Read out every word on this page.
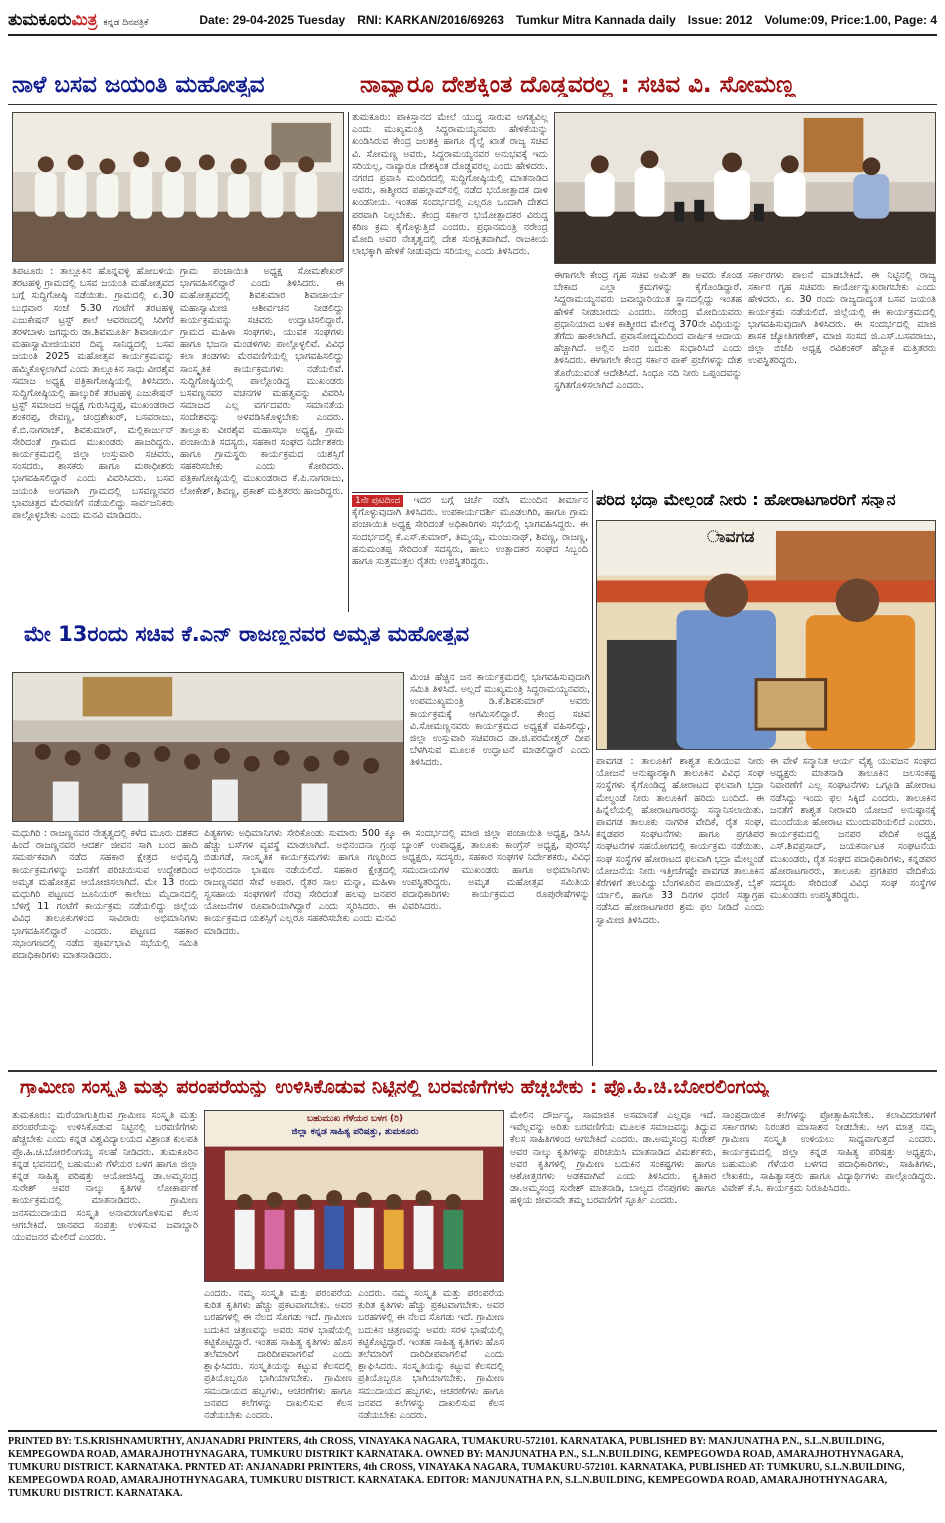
ತುಮಕೂರುಮಿತ್ರ ಕನ್ನಡ ದಿನಪತ್ರಿಕೆ	Date: 29-04-2025 Tuesday RNI: KARKAN/2016/69263 Tumkur Mitra Kannada daily Issue: 2012 Volume:09, Price:1.00, Page: 4
ನಾಳೆ ಬಸವ ಜಯಂತಿ ಮಹೋತ್ಸವ	ನಾವ್ಯಾರೂ ದೇಶಕ್ಕಿಂತ ದೊಡ್ಡವರಲ್ಲ : ಸಚಿವ ವಿ. ಸೋಮಣ್ಣ
ತುಮಕೂರು: ಪಾಕಿಸ್ತಾನದ ಮೇಲೆ ಯುದ್ಧ ಸಾರುವ ಅಗತ್ಯವಿಲ್ಲ ಎಂದು ಮುಖ್ಯಮಂತ್ರಿ ಸಿದ್ದರಾಮಯ್ಯನವರು ಹೇಳಿಕೆಯನ್ನು ಖಂಡಿಸಿರುವ ಕೇಂದ್ರ ಜಲಶಕ್ತಿ ಹಾಗೂ ರೈಲ್ವೆ ಖಾತೆ ರಾಜ್ಯ ಸಚಿವ ವಿ. ಸೋಮಣ್ಣ ಅವರು, ಸಿದ್ದರಾಮಯ್ಯನವರ ಅನುಭವಕ್ಕೆ ಇದು ಸರಿಯಲ್ಲ, ನಾವ್ಯಾರೂ ದೇಶಕ್ಕಿಂತ ದೊಡ್ಡವರಲ್ಲ ಎಂದು ಹೇಳಿದರು. ನಗರದ ಪ್ರವಾಸಿ ಮಂದಿರದಲ್ಲಿ ಸುದ್ದಿಗೋಷ್ಠಿಯಲ್ಲಿ ಮಾತನಾಡಿದ ಅವರು, ಕಾಶ್ಮೀರದ ಪಹಲ್ಗಾಮ್‌ನಲ್ಲಿ ನಡೆದ ಭಯೋತ್ಪಾದಕ ದಾಳಿ ಖಂಡನೀಯ. ಇಂತಹ ಸಂದರ್ಭದಲ್ಲಿ ಎಲ್ಲರೂ ಒಂದಾಗಿ ದೇಶದ ಪರವಾಗಿ ನಿಲ್ಲಬೇಕು. ಕೇಂದ್ರ ಸರ್ಕಾರ ಭಯೋತ್ಪಾದಕರ ವಿರುದ್ಧ ಕಠಿಣ ಕ್ರಮ ಕೈಗೊಳ್ಳುತ್ತಿದೆ ಎಂದರು. ಪ್ರಧಾನಮಂತ್ರಿ ನರೇಂದ್ರ ಮೋದಿ ಅವರ ನೇತೃತ್ವದಲ್ಲಿ ದೇಶ ಸುರಕ್ಷಿತವಾಗಿದೆ. ರಾಜಕೀಯ ಲಾಭಕ್ಕಾಗಿ ಹೇಳಿಕೆ ನೀಡುವುದು ಸರಿಯಲ್ಲ ಎಂದು ತಿಳಿಸಿದರು.
ಈಗಾಗಲೇ ಕೇಂದ್ರ ಗೃಹ ಸಚಿವ ಅಮಿತ್ ಶಾ ಅವರು ಕೊಂಡ ಬೇಕಾದ ಎಲ್ಲಾ ಕ್ರಮಗಳನ್ನು ಕೈಗೊಂಡಿದ್ದಾರೆ. ಸಿದ್ದರಾಮಯ್ಯನವರು ಜವಾಬ್ದಾರಿಯುತ ಸ್ಥಾನದಲ್ಲಿದ್ದು ಇಂತಹ ಹೇಳಿಕೆ ನೀಡಬಾರದು ಎಂದರು. ನರೇಂದ್ರ ಮೋದಿಯವರು ಪ್ರಧಾನಿಯಾದ ಬಳಿಕ ಕಾಶ್ಮೀರದ ಮೇಲಿದ್ದ 370ನೇ ವಿಧಿಯನ್ನು ತೆಗೆದು ಹಾಕಲಾಗಿದೆ. ಪ್ರವಾಸೋದ್ಯಮದಿಂದ ವಾರ್ಷಿಕ ಆದಾಯ ಹೆಚ್ಚಾಗಿದೆ. ಅಲ್ಲಿನ ಜನರ ಬದುಕು ಸುಧಾರಿಸಿದೆ ಎಂದು ತಿಳಿಸಿದರು. ಈಗಾಗಲೇ ಕೇಂದ್ರ ಸರ್ಕಾರ ಪಾಕ್ ಪ್ರಜೆಗಳನ್ನು ದೇಶ ತೊರೆಯುವಂತೆ ಆದೇಶಿಸಿದೆ. ಸಿಂಧೂ ನದಿ ನೀರು ಒಪ್ಪಂದವನ್ನು ಸ್ಥಗಿತಗೊಳಿಸಲಾಗಿದೆ ಎಂದರು.
ಸರ್ಕಾರಗಳು ಪಾಲನೆ ಮಾಡಬೇಕಿದೆ. ಈ ನಿಟ್ಟಿನಲ್ಲಿ ರಾಜ್ಯ ಸರ್ಕಾರ ಗೃಹ ಸಚಿವರು ಕಾರ್ಯೋನ್ಮುಖರಾಗಬೇಕು ಎಂದು ಹೇಳಿದರು. ಏ. 30 ರಂದು ರಾಜ್ಯದಾದ್ಯಂತ ಬಸವ ಜಯಂತಿ ಕಾರ್ಯಕ್ರಮ ನಡೆಯಲಿದೆ. ಜಿಲ್ಲೆಯಲ್ಲಿ ಈ ಕಾರ್ಯಕ್ರಮದಲ್ಲಿ ಭಾಗವಹಿಸುವುದಾಗಿ ತಿಳಿಸಿದರು. ಈ ಸಂದರ್ಭದಲ್ಲಿ ಮಾಜಿ ಶಾಸಕ ಜ್ಯೋತಿಗಣೇಶ್, ಮಾಜಿ ಸಂಸದ ಜಿ.ಎಸ್.ಬಸವರಾಜು, ಜಿಲ್ಲಾ ಬಿಜೆಪಿ ಅಧ್ಯಕ್ಷ ರವಿಶಂಕರ್ ಹೆಬ್ಬಾಕ ಮತ್ತಿತರರು ಉಪಸ್ಥಿತರಿದ್ದರು.
ತಿಪಟೂರು : ತಾಲ್ಲೂಕಿನ ಹೊನ್ನವಳ್ಳಿ ಹೋಬಳಿಯ ತರಟಹಳ್ಳಿ ಗ್ರಾಮದಲ್ಲಿ ಬಸವ ಜಯಂತಿ ಮಹೋತ್ಸವದ ಬಗ್ಗೆ ಸುದ್ದಿಗೋಷ್ಠಿ ನಡೆಯಿತು. ಗ್ರಾಮದಲ್ಲಿ ಏ.30 ಬುಧವಾರ ಸಂಜೆ 5.30 ಗಂಟೆಗೆ ತರಟಹಳ್ಳಿ ಎಜುಕೇಷನ್ ಟ್ರಸ್ಟ್ ಶಾಲೆ ಆವರಣದಲ್ಲಿ ಸಿರಿಗೆರೆ ತರಳಬಾಳು ಜಗದ್ಗುರು ಡಾ.ಶಿವಮೂರ್ತಿ ಶಿವಾಚಾರ್ಯ ಮಹಾಸ್ವಾಮೀಜಿಯವರ ದಿವ್ಯ ಸಾನಿಧ್ಯದಲ್ಲಿ ಬಸವ ಜಯಂತಿ 2025 ಮಹೋತ್ಸವ ಕಾರ್ಯಕ್ರಮವನ್ನು ಹಮ್ಮಿಕೊಳ್ಳಲಾಗಿದೆ ಎಂದು ತಾಲ್ಲೂಕಿನ ಸಾಧು ವೀರಶೈವ ಸಮಾಜ ಅಧ್ಯಕ್ಷ ಪತ್ರಿಕಾಗೋಷ್ಠಿಯಲ್ಲಿ ತಿಳಿಸಿದರು. ಸುದ್ದಿಗೋಷ್ಠಿಯಲ್ಲಿ ಹಾಲ್ಕುರಿಕೆ ತರಟಹಳ್ಳಿ ಎಜುಕೇಷನ್ ಟ್ರಸ್ಟ್ ಸಮಾಜದ ಅಧ್ಯಕ್ಷ ಗುರುಸಿದ್ದಪ್ಪ, ಮುಖಂಡರಾದ ಶಂಕರಪ್ಪ, ರೇವಣ್ಣ, ಚಂದ್ರಶೇಖರ್, ಬಸವರಾಜು, ಕೆ.ಬಿ.ನಾಗರಾಜ್, ಶಿವಕುಮಾರ್, ಮಲ್ಲಿಕಾರ್ಜುನ್ ಸೇರಿದಂತೆ ಗ್ರಾಮದ ಮುಖಂಡರು ಹಾಜರಿದ್ದರು. ಕಾರ್ಯಕ್ರಮದಲ್ಲಿ ಜಿಲ್ಲಾ ಉಸ್ತುವಾರಿ ಸಚಿವರು, ಸಂಸದರು, ಶಾಸಕರು ಹಾಗೂ ಮಠಾಧೀಶರು ಭಾಗವಹಿಸಲಿದ್ದಾರೆ ಎಂದು ವಿವರಿಸಿದರು. ಬಸವ ಜಯಂತಿ ಅಂಗವಾಗಿ ಗ್ರಾಮದಲ್ಲಿ ಬಸವಣ್ಣನವರ ಭಾವಚಿತ್ರದ ಮೆರವಣಿಗೆ ನಡೆಯಲಿದ್ದು ಸಾರ್ವಜನಿಕರು ಪಾಲ್ಗೊಳ್ಳಬೇಕು ಎಂದು ಮನವಿ ಮಾಡಿದರು.
ಗ್ರಾಮ ಪಂಚಾಯಿತಿ ಅಧ್ಯಕ್ಷ ಸೋಮಶೇಖರ್ ಭಾಗವಹಿಸಲಿದ್ದಾರೆ ಎಂದು ತಿಳಿಸಿದರು. ಈ ಮಹೋತ್ಸವದಲ್ಲಿ ಶಿವಕುಮಾರ ಶಿವಾಚಾರ್ಯ ಮಹಾಸ್ವಾಮೀಜಿ ಆಶೀರ್ವಚನ ನೀಡಲಿದ್ದು ಕಾರ್ಯಕ್ರಮವನ್ನು ಸಚಿವರು ಉದ್ಘಾಟಿಸಲಿದ್ದಾರೆ. ಗ್ರಾಮದ ಮಹಿಳಾ ಸಂಘಗಳು, ಯುವಕ ಸಂಘಗಳು ಹಾಗೂ ಭಜನಾ ಮಂಡಳಿಗಳು ಪಾಲ್ಗೊಳ್ಳಲಿವೆ. ವಿವಿಧ ಕಲಾ ತಂಡಗಳು ಮೆರವಣಿಗೆಯಲ್ಲಿ ಭಾಗವಹಿಸಲಿದ್ದು ಸಾಂಸ್ಕೃತಿಕ ಕಾರ್ಯಕ್ರಮಗಳು ನಡೆಯಲಿವೆ. ಸುದ್ದಿಗೋಷ್ಠಿಯಲ್ಲಿ ಪಾಲ್ಗೊಂಡಿದ್ದ ಮುಖಂಡರು ಬಸವಣ್ಣನವರ ವಚನಗಳ ಮಹತ್ವವನ್ನು ವಿವರಿಸಿ ಸಮಾಜದ ಎಲ್ಲ ವರ್ಗದವರು ಸಮಾನತೆಯ ಸಂದೇಶವನ್ನು ಅಳವಡಿಸಿಕೊಳ್ಳಬೇಕು ಎಂದರು. ತಾಲ್ಲೂಕು ವೀರಶೈವ ಮಹಾಸಭಾ ಅಧ್ಯಕ್ಷ, ಗ್ರಾಮ ಪಂಚಾಯಿತಿ ಸದಸ್ಯರು, ಸಹಕಾರ ಸಂಘದ ನಿರ್ದೇಶಕರು ಹಾಗೂ ಗ್ರಾಮಸ್ಥರು ಕಾರ್ಯಕ್ರಮದ ಯಶಸ್ಸಿಗೆ ಸಹಕರಿಸಬೇಕು ಎಂದು ಕೋರಿದರು. ಪತ್ರಿಕಾಗೋಷ್ಠಿಯಲ್ಲಿ ಮುಖಂಡರಾದ ಕೆ.ಪಿ.ನಾಗರಾಜು, ಲೋಕೇಶ್, ಶಿವಣ್ಣ, ಪ್ರಕಾಶ್ ಮತ್ತಿತರರು ಹಾಜರಿದ್ದರು.
1ನೇ ಪುಟದಿಂದ ಇದರ ಬಗ್ಗೆ ಚರ್ಚೆ ನಡೆಸಿ ಮುಂದಿನ ತೀರ್ಮಾನ ಕೈಗೊಳ್ಳುವುದಾಗಿ ತಿಳಿಸಿದರು. ಉಪಕಾರ್ಯದರ್ಶಿ ಮೂಡಲಗಿರಿ, ಹಾಗೂ ಗ್ರಾಮ ಪಂಚಾಯಿತಿ ಅಧ್ಯಕ್ಷ ಸೇರಿದಂತೆ ಅಧಿಕಾರಿಗಳು ಸಭೆಯಲ್ಲಿ ಭಾಗವಹಿಸಿದ್ದರು. ಈ ಸಂದರ್ಭದಲ್ಲಿ ಕೆ.ಎಸ್.ಕುಮಾರ್, ತಿಮ್ಮಯ್ಯ, ಮಂಜುನಾಥ್, ಶಿವಣ್ಣ, ರಾಜಣ್ಣ, ಹನುಮಂತಪ್ಪ ಸೇರಿದಂತೆ ಸದಸ್ಯರು, ಹಾಲು ಉತ್ಪಾದಕರ ಸಂಘದ ಸಿಬ್ಬಂದಿ ಹಾಗೂ ಸುತ್ತಮುತ್ತಲ ರೈತರು ಉಪಸ್ಥಿತರಿದ್ದರು.
ಪರಿದ ಭದ್ರಾ ಮೇಲ್ದಂಡೆ ನೀರು : ಹೋರಾಟಗಾರರಿಗೆ ಸನ್ಮಾನ
ಾವಗಡ
ಮೇ 13ರಂದು ಸಚಿವ ಕೆ.ಎನ್ ರಾಜಣ್ಣನವರ ಅಮೃತ ಮಹೋತ್ಸವ
ಮಿಂಚಿ ಹೆಚ್ಚಿನ ಜನ ಕಾರ್ಯಕ್ರಮದಲ್ಲಿ ಭಾಗವಹಿಸುವುದಾಗಿ ಸಮಿತಿ ತಿಳಿಸಿದೆ. ಅಲ್ಲದೆ ಮುಖ್ಯಮಂತ್ರಿ ಸಿದ್ದರಾಮಯ್ಯನವರು, ಉಪಮುಖ್ಯಮಂತ್ರಿ ಡಿ.ಕೆ.ಶಿವಕುಮಾರ್ ಅವರು ಕಾರ್ಯಕ್ರಮಕ್ಕೆ ಆಗಮಿಸಲಿದ್ದಾರೆ. ಕೇಂದ್ರ ಸಚಿವ ವಿ.ಸೋಮಣ್ಣನವರು ಕಾರ್ಯಕ್ರಮದ ಅಧ್ಯಕ್ಷತೆ ವಹಿಸಲಿದ್ದು, ಜಿಲ್ಲಾ ಉಸ್ತುವಾರಿ ಸಚಿವರಾದ ಡಾ.ಜಿ.ಪರಮೇಶ್ವರ್ ದೀಪ ಬೆಳಗಿಸುವ ಮೂಲಕ ಉದ್ಘಾಟನೆ ಮಾಡಲಿದ್ದಾರೆ ಎಂದು ತಿಳಿಸಿದರು.
ಮಧುಗಿರಿ : ರಾಜಣ್ಣನವರ ನೇತೃತ್ವದಲ್ಲಿ ಕಳೆದ ಮೂರು ದಶಕದ ಹಿಂದೆ ರಾಜಣ್ಣನವರ ಆದರ್ಶ ಜೀವನ ಸಾಗಿ ಬಂದ ಹಾದಿ ಸಮರ್ಪಕವಾಗಿ ನಡೆದ ಸಹಕಾರ ಕ್ಷೇತ್ರದ ಅಭಿವೃದ್ಧಿ ಕಾರ್ಯಕ್ರಮಗಳನ್ನು ಜನತೆಗೆ ಪರಿಚಯಿಸುವ ಉದ್ದೇಶದಿಂದ ಅಮೃತ ಮಹೋತ್ಸವ ಆಯೋಜಿಸಲಾಗಿದೆ. ಮೇ 13 ರಂದು ಮಧುಗಿರಿ ಪಟ್ಟಣದ ಜೂನಿಯರ್ ಕಾಲೇಜು ಮೈದಾನದಲ್ಲಿ ಬೆಳಿಗ್ಗೆ 11 ಗಂಟೆಗೆ ಕಾರ್ಯಕ್ರಮ ನಡೆಯಲಿದ್ದು ಜಿಲ್ಲೆಯ ವಿವಿಧ ತಾಲೂಕುಗಳಿಂದ ಸಾವಿರಾರು ಅಭಿಮಾನಿಗಳು ಭಾಗವಹಿಸಲಿದ್ದಾರೆ ಎಂದರು. ಪಟ್ಟಣದ ಸಹಕಾರ ಸಭಾಂಗಣದಲ್ಲಿ ನಡೆದ ಪೂರ್ವಭಾವಿ ಸಭೆಯಲ್ಲಿ ಸಮಿತಿ ಪದಾಧಿಕಾರಿಗಳು ಮಾತನಾಡಿದರು.
ಪಿತ್ಯಕಗಳು ಅಧಿಮಾನಿಗಳು ಸೇರಿಕೊಂಡು ಸುಮಾರು 500 ಕ್ಕೂ ಹೆಚ್ಚು ಬಸ್‌ಗಳ ವ್ಯವಸ್ಥೆ ಮಾಡಲಾಗಿದೆ. ಅಭಿನಂದನಾ ಗ್ರಂಥ ಬಿಡುಗಡೆ, ಸಾಂಸ್ಕೃತಿಕ ಕಾರ್ಯಕ್ರಮಗಳು ಹಾಗೂ ಗಣ್ಯರಿಂದ ಅಭಿನಂದನಾ ಭಾಷಣ ನಡೆಯಲಿದೆ. ಸಹಕಾರ ಕ್ಷೇತ್ರದಲ್ಲಿ ರಾಜಣ್ಣನವರ ಸೇವೆ ಅಪಾರ. ರೈತರ ಸಾಲ ಮನ್ನಾ, ಮಹಿಳಾ ಸ್ವಸಹಾಯ ಸಂಘಗಳಿಗೆ ನೆರವು ಸೇರಿದಂತೆ ಹಲವು ಜನಪರ ಯೋಜನೆಗಳ ರೂವಾರಿಯಾಗಿದ್ದಾರೆ ಎಂದು ಸ್ಮರಿಸಿದರು. ಈ ಕಾರ್ಯಕ್ರಮದ ಯಶಸ್ಸಿಗೆ ಎಲ್ಲರೂ ಸಹಕರಿಸಬೇಕು ಎಂದು ಮನವಿ ಮಾಡಿದರು.
ಈ ಸಂದರ್ಭದಲ್ಲಿ ಮಾಜಿ ಜಿಲ್ಲಾ ಪಂಚಾಯಿತಿ ಅಧ್ಯಕ್ಷ, ಡಿಸಿಸಿ ಬ್ಯಾಂಕ್ ಉಪಾಧ್ಯಕ್ಷ, ತಾಲೂಕು ಕಾಂಗ್ರೆಸ್ ಅಧ್ಯಕ್ಷ, ಪುರಸಭೆ ಅಧ್ಯಕ್ಷರು, ಸದಸ್ಯರು, ಸಹಕಾರ ಸಂಘಗಳ ನಿರ್ದೇಶಕರು, ವಿವಿಧ ಸಮುದಾಯಗಳ ಮುಖಂಡರು ಹಾಗೂ ಅಭಿಮಾನಿಗಳು ಉಪಸ್ಥಿತರಿದ್ದರು. ಅಮೃತ ಮಹೋತ್ಸವ ಸಮಿತಿಯ ಪದಾಧಿಕಾರಿಗಳು ಕಾರ್ಯಕ್ರಮದ ರೂಪುರೇಷೆಗಳನ್ನು ವಿವರಿಸಿದರು.
ಪಾವಗಡ : ತಾಲೂಕಿಗೆ ಶಾಶ್ವತ ಕುಡಿಯುವ ನೀರು ಯೋಜನೆ ಅನುಷ್ಠಾನಕ್ಕಾಗಿ ತಾಲೂಕಿನ ವಿವಿಧ ಸಂಘ ಸಂಸ್ಥೆಗಳು ಕೈಗೊಂಡಿದ್ದ ಹೋರಾಟದ ಫಲವಾಗಿ ಭದ್ರಾ ಮೇಲ್ದಂಡೆ ನೀರು ತಾಲೂಕಿಗೆ ಹರಿದು ಬಂದಿದೆ. ಈ ಹಿನ್ನೆಲೆಯಲ್ಲಿ ಹೋರಾಟಗಾರರನ್ನು ಸನ್ಮಾನಿಸಲಾಯಿತು. ಪಾವಗಡ ತಾಲೂಕು ನಾಗರಿಕ ವೇದಿಕೆ, ರೈತ ಸಂಘ, ಕನ್ನಡಪರ ಸಂಘಟನೆಗಳು ಹಾಗೂ ಪ್ರಗತಿಪರ ಸಂಘಟನೆಗಳ ಸಹಯೋಗದಲ್ಲಿ ಕಾರ್ಯಕ್ರಮ ನಡೆಯಿತು. ಸಂಘ ಸಂಸ್ಥೆಗಳ ಹೋರಾಟದ ಫಲವಾಗಿ ಭದ್ರಾ ಮೇಲ್ದಂಡೆ ಯೋಜನೆಯ ನೀರು ಇತ್ತೀಚೆಗಷ್ಟೇ ಪಾವಗಡ ತಾಲೂಕಿನ ಕೆರೆಗಳಿಗೆ ತಲುಪಿದ್ದು ಬೆಂಗಳೂರಿನ ಪಾದಯಾತ್ರೆ, ಬೈಕ್ ರ್ಯಾಲಿ, ಹಾಗೂ 33 ದಿನಗಳ ಧರಣಿ ಸತ್ಯಾಗ್ರಹ ನಡೆಸಿದ ಹೋರಾಟಗಾರರ ಶ್ರಮ ಫಲ ನೀಡಿದೆ ಎಂದು ಸ್ವಾಮೀಜಿ ತಿಳಿಸಿದರು.
ಈ ವೇಳೆ ಸನ್ಮಾನಿತ ಆರ್ಯ ವೈಶ್ಯ ಯುವಜನ ಸಂಘದ ಅಧ್ಯಕ್ಷರು ಮಾತನಾಡಿ ತಾಲೂಕಿನ ಜಲಸಂಕಷ್ಟ ನಿವಾರಣೆಗೆ ಎಲ್ಲ ಸಂಘಟನೆಗಳು ಒಗ್ಗೂಡಿ ಹೋರಾಟ ನಡೆಸಿದ್ದು ಇಂದು ಫಲ ಸಿಕ್ಕಿದೆ ಎಂದರು. ತಾಲೂಕಿನ ಜನತೆಗೆ ಶಾಶ್ವತ ನೀರಾವರಿ ಯೋಜನೆ ಅನುಷ್ಠಾನಕ್ಕೆ ಮುಂದೆಯೂ ಹೋರಾಟ ಮುಂದುವರಿಯಲಿದೆ ಎಂದರು. ಕಾರ್ಯಕ್ರಮದಲ್ಲಿ ಜನಪರ ವೇದಿಕೆ ಅಧ್ಯಕ್ಷ ಎಸ್.ಶಿವಪ್ರಸಾದ್, ಜಯಕರ್ನಾಟಕ ಸಂಘಟನೆಯ ಮುಖಂಡರು, ರೈತ ಸಂಘದ ಪದಾಧಿಕಾರಿಗಳು, ಕನ್ನಡಪರ ಹೋರಾಟಗಾರರು, ತಾಲೂಕು ಪ್ರಗತಿಪರ ವೇದಿಕೆಯ ಸದಸ್ಯರು ಸೇರಿದಂತೆ ವಿವಿಧ ಸಂಘ ಸಂಸ್ಥೆಗಳ ಮುಖಂಡರು ಉಪಸ್ಥಿತರಿದ್ದರು.
ಗ್ರಾಮೀಣ ಸಂಸ್ಕೃತಿ ಮತ್ತು ಪರಂಪರೆಯನ್ನು ಉಳಿಸಿಕೊಡುವ ನಿಟ್ಟಿನಲ್ಲಿ ಬರವಣಿಗೆಗಳು ಹೆಚ್ಚಬೇಕು : ಪ್ರೊ.ಹಿ.ಚಿ.ಬೋರಲಿಂಗಯ್ಯ
ತುಮಕೂರು: ಮರೆಯಾಗುತ್ತಿರುವ ಗ್ರಾಮೀಣ ಸಂಸ್ಕೃತಿ ಮತ್ತು ಪರಂಪರೆಯನ್ನು ಉಳಿಸಿಕೊಡುವ ನಿಟ್ಟಿನಲ್ಲಿ ಬರವಣಿಗೆಗಳು ಹೆಚ್ಚಬೇಕು ಎಂದು ಕನ್ನಡ ವಿಶ್ವವಿದ್ಯಾಲಯದ ವಿಶ್ರಾಂತ ಕುಲಪತಿ ಪ್ರೊ.ಹಿ.ಚಿ.ಬೋರಲಿಂಗಯ್ಯ ಸಲಹೆ ನೀಡಿದರು. ತುಮಕೂರಿನ ಕನ್ನಡ ಭವನದಲ್ಲಿ ಬಹುಮುಖಿ ಗೆಳೆಯರ ಬಳಗ ಹಾಗೂ ಜಿಲ್ಲಾ ಕನ್ನಡ ಸಾಹಿತ್ಯ ಪರಿಷತ್ತು ಆಯೋಜಿಸಿದ್ದ ಡಾ.ಅಮ್ಮಸಂದ್ರ ಸುರೇಶ್ ಅವರ ನಾಲ್ಕು ಕೃತಿಗಳ ಲೋಕಾರ್ಪಣೆ ಕಾರ್ಯಕ್ರಮದಲ್ಲಿ ಮಾತನಾಡಿದರು. ಗ್ರಾಮೀಣ ಜನಸಮುದಾಯದ ಸಂಸ್ಕೃತಿ ಅನಾವರಣಗೊಳಿಸುವ ಕೆಲಸ ಆಗಬೇಕಿದೆ. ಜಾನಪದ ಸಂಪತ್ತು ಉಳಿಸುವ ಜವಾಬ್ದಾರಿ ಯುವಜನರ ಮೇಲಿದೆ ಎಂದರು.
ಬಹುಮುಖ ಗೆಳೆಯರ ಬಳಗ (ರಿ)
ಜಿಲ್ಲಾ ಕನ್ನಡ ಸಾಹಿತ್ಯ ಪರಿಷತ್ತು, ತುಮಕೂರು
ಎಂದರು. ನಮ್ಮ ಸಂಸ್ಕೃತಿ ಮತ್ತು ಪರಂಪರೆಯ ಕುರಿತ ಕೃತಿಗಳು ಹೆಚ್ಚು ಪ್ರಕಟವಾಗಬೇಕು. ಅವರ ಬರಹಗಳಲ್ಲಿ ಈ ನೆಲದ ಸೊಗಡು ಇದೆ. ಗ್ರಾಮೀಣ ಬದುಕಿನ ಚಿತ್ರಣವನ್ನು ಅವರು ಸರಳ ಭಾಷೆಯಲ್ಲಿ ಕಟ್ಟಿಕೊಟ್ಟಿದ್ದಾರೆ. ಇಂತಹ ಸಾಹಿತ್ಯ ಕೃತಿಗಳು ಹೊಸ ತಲೆಮಾರಿಗೆ ದಾರಿದೀಪವಾಗಲಿವೆ ಎಂದು ಶ್ಲಾಘಿಸಿದರು. ಸಂಸ್ಕೃತಿಯನ್ನು ಕಟ್ಟುವ ಕೆಲಸದಲ್ಲಿ ಪ್ರತಿಯೊಬ್ಬರೂ ಭಾಗಿಯಾಗಬೇಕು. ಗ್ರಾಮೀಣ ಸಮುದಾಯದ ಹಬ್ಬಗಳು, ಆಚರಣೆಗಳು ಹಾಗೂ ಜನಪದ ಕಲೆಗಳನ್ನು ದಾಖಲಿಸುವ ಕೆಲಸ ನಡೆಯಬೇಕು ಎಂದರು.
ಎಂದರು. ನಮ್ಮ ಸಂಸ್ಕೃತಿ ಮತ್ತು ಪರಂಪರೆಯ ಕುರಿತ ಕೃತಿಗಳು ಹೆಚ್ಚು ಪ್ರಕಟವಾಗಬೇಕು. ಅವರ ಬರಹಗಳಲ್ಲಿ ಈ ನೆಲದ ಸೊಗಡು ಇದೆ. ಗ್ರಾಮೀಣ ಬದುಕಿನ ಚಿತ್ರಣವನ್ನು ಅವರು ಸರಳ ಭಾಷೆಯಲ್ಲಿ ಕಟ್ಟಿಕೊಟ್ಟಿದ್ದಾರೆ. ಇಂತಹ ಸಾಹಿತ್ಯ ಕೃತಿಗಳು ಹೊಸ ತಲೆಮಾರಿಗೆ ದಾರಿದೀಪವಾಗಲಿವೆ ಎಂದು ಶ್ಲಾಘಿಸಿದರು. ಸಂಸ್ಕೃತಿಯನ್ನು ಕಟ್ಟುವ ಕೆಲಸದಲ್ಲಿ ಪ್ರತಿಯೊಬ್ಬರೂ ಭಾಗಿಯಾಗಬೇಕು. ಗ್ರಾಮೀಣ ಸಮುದಾಯದ ಹಬ್ಬಗಳು, ಆಚರಣೆಗಳು ಹಾಗೂ ಜನಪದ ಕಲೆಗಳನ್ನು ದಾಖಲಿಸುವ ಕೆಲಸ ನಡೆಯಬೇಕು ಎಂದರು.
ಮೇಲಿನ ದೌರ್ಜನ್ಯ, ಸಾಮಾಜಿಕ ಅಸಮಾನತೆ ಎಲ್ಲವೂ ಇದೆ. ಇವೆಲ್ಲವನ್ನು ಅರಿತು ಬರವಣಿಗೆಯ ಮೂಲಕ ಸಮಾಜವನ್ನು ತಿದ್ದುವ ಕೆಲಸ ಸಾಹಿತಿಗಳಿಂದ ಆಗಬೇಕಿದೆ ಎಂದರು. ಡಾ.ಅಮ್ಮಸಂದ್ರ ಸುರೇಶ್ ಅವರ ನಾಲ್ಕು ಕೃತಿಗಳನ್ನು ಪರಿಚಯಿಸಿ ಮಾತನಾಡಿದ ವಿಮರ್ಶಕರು, ಅವರ ಕೃತಿಗಳಲ್ಲಿ ಗ್ರಾಮೀಣ ಬದುಕಿನ ಸಂಕಷ್ಟಗಳು ಹಾಗೂ ಆಶೋತ್ತರಗಳು ಅಡಕವಾಗಿವೆ ಎಂದು ತಿಳಿಸಿದರು. ಕೃತಿಕಾರ ಡಾ.ಅಮ್ಮಸಂದ್ರ ಸುರೇಶ್ ಮಾತನಾಡಿ, ಬಾಲ್ಯದ ನೆನಪುಗಳು ಹಾಗೂ ಹಳ್ಳಿಯ ಜೀವನವೇ ತಮ್ಮ ಬರವಣಿಗೆಗೆ ಸ್ಫೂರ್ತಿ ಎಂದರು.
ಸಾಂಪ್ರದಾಯಿಕ ಕಲೆಗಳನ್ನು ಪ್ರೋತ್ಸಾಹಿಸಬೇಕು. ಕಲಾವಿದರುಗಳಿಗೆ ಸರ್ಕಾರಗಳು ನಿರಂತರ ಮಾಸಾಶನ ನೀಡಬೇಕು. ಆಗ ಮಾತ್ರ ನಮ್ಮ ಗ್ರಾಮೀಣ ಸಂಸ್ಕೃತಿ ಉಳಿಯಲು ಸಾಧ್ಯವಾಗುತ್ತದೆ ಎಂದರು. ಕಾರ್ಯಕ್ರಮದಲ್ಲಿ ಜಿಲ್ಲಾ ಕನ್ನಡ ಸಾಹಿತ್ಯ ಪರಿಷತ್ತು ಅಧ್ಯಕ್ಷರು, ಬಹುಮುಖಿ ಗೆಳೆಯರ ಬಳಗದ ಪದಾಧಿಕಾರಿಗಳು, ಸಾಹಿತಿಗಳು, ಲೇಖಕರು, ಸಾಹಿತ್ಯಾಸಕ್ತರು ಹಾಗೂ ವಿದ್ಯಾರ್ಥಿಗಳು ಪಾಲ್ಗೊಂಡಿದ್ದರು. ವಿವೇಕ್ ಕೆ.ಸಿ. ಕಾರ್ಯಕ್ರಮ ನಿರೂಪಿಸಿದರು.
PRINTED BY: T.S.KRISHNAMURTHY, ANJANADRI PRINTERS, 4th CROSS, VINAYAKA NAGARA, TUMAKURU-572101. KARNATAKA, PUBLISHED BY: MANJUNATHA P.N., S.L.N.BUILDING, KEMPEGOWDA ROAD, AMARAJHOTHYNAGARA, TUMKURU DISTRIKT KARNATAKA. OWNED BY: MANJUNATHA P.N., S.L.N.BUILDING, KEMPEGOWDA ROAD, AMARAJHOTHYNAGARA, TUMKURU DISTRICT. KARNATAKA. PRNTED AT: ANJANADRI PRINTERS, 4th CROSS, VINAYAKA NAGARA, TUMAKURU-572101. KARNATAKA, PUBLISHED AT: TUMKURU, S.L.N.BUILDING, KEMPEGOWDA ROAD, AMARAJHOTHYNAGARA, TUMKURU DISTRICT. KARNATAKA. EDITOR: MANJUNATHA P.N, S.L.N.BUILDING, KEMPEGOWDA ROAD, AMARAJHOTHYNAGARA, TUMKURU DISTRICT. KARNATAKA.
